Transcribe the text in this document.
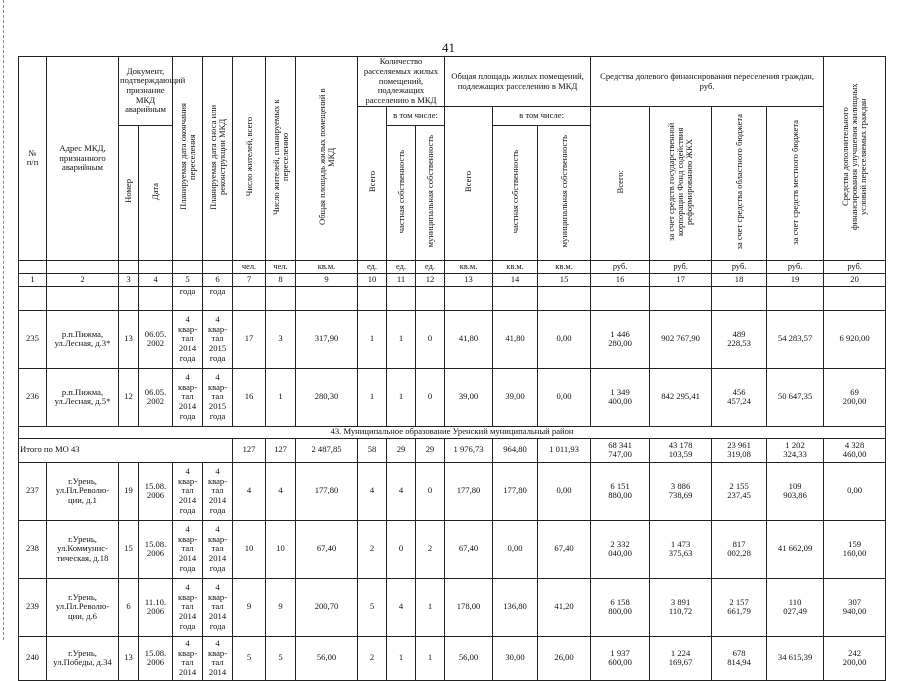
41
№
п/п	Адрес МКД, признанного аварийным	Документ, подтверждающий признание МКД аварийным		Планируемая дата окончания переселения	Планируемая дата сноса или реконструкции МКД	Число жителей, всего	Число жителей, планируемых к переселению	Общая площадь жилых помещений в МКД	Количество расселяемых жилых помещений, подлежащих расселению в МКД			Общая площадь жилых помещений, подлежащих расселению в МКД			Средства долевого финансирования переселения граждан, руб.				Средства дополнительного финансирования улучшения жилищных условий переселяемых граждан
									Всего	в том числе:		Всего	в том числе:		Всего:	за счет средств государственной корпорации Фонд содействия реформированию ЖКХ	за счет средства областного бюджета	за счет средств местного бюджета	
		Номер	Дата							частная собственность	муниципальная собственность		частная собственность	муниципальная собственность					
						чел.	чел.	кв.м.	ед.	ед.	ед.	кв.м.	кв.м.	кв.м.	руб.	руб.	руб.	руб.	руб.
1	2	3	4	5	6	7	8	9	10	11	12	13	14	15	16	17	18	19	20
				года	года														
235	р.п.Пижма,
ул.Лесная, д.3*	13	06.05.
2002	4
квар-
тал
2014
года	4
квар-
тал
2015
года	17	3	317,90	1	1	0	41,80	41,80	0,00	1 446
280,00	902 767,90	489
228,53	54 283,57	6 920,00
236	р.п.Пижма,
ул.Лесная, д.5*	12	06.05.
2002	4
квар-
тал
2014
года	4
квар-
тал
2015
года	16	1	280,30	1	1	0	39,00	39,00	0,00	1 349
400,00	842 295,41	456
457,24	50 647,35	69
200,00
43. Муниципальное образование Уренский муниципальный район																			
Итого по МО 43						127	127	2 487,85	58	29	29	1 976,73	964,80	1 011,93	68 341
747,00	43 178
103,59	23 961
319,08	1 202
324,33	4 328
460,00
237	г.Урень,
ул.Пл.Револю-
ции, д.1	19	15.08.
2006	4
квар-
тал
2014
года	4
квар-
тал
2014
года	4	4	177,80	4	4	0	177,80	177,80	0,00	6 151
880,00	3 886
738,69	2 155
237,45	109
903,86	0,00
238	г.Урень,
ул.Коммунис-
тическая, д.18	15	15.08.
2006	4
квар-
тал
2014
года	4
квар-
тал
2014
года	10	10	67,40	2	0	2	67,40	0,00	67,40	2 332
040,00	1 473
375,63	817
002,28	41 662,09	159
160,00
239	г.Урень,
ул.Пл.Револю-
ции, д.6	6	11.10.
2006	4
квар-
тал
2014
года	4
квар-
тал
2014
года	9	9	200,70	5	4	1	178,00	136,80	41,20	6 158
800,00	3 891
110,72	2 157
661,79	110
027,49	307
940,00
240	г.Урень,
ул.Победы, д.34	13	15.08.
2006	4
квар-
тал
2014	4
квар-
тал
2014	5	5	56,00	2	1	1	56,00	30,00	26,00	1 937
600,00	1 224
169,67	678
814,94	34 615,39	242
200,00
